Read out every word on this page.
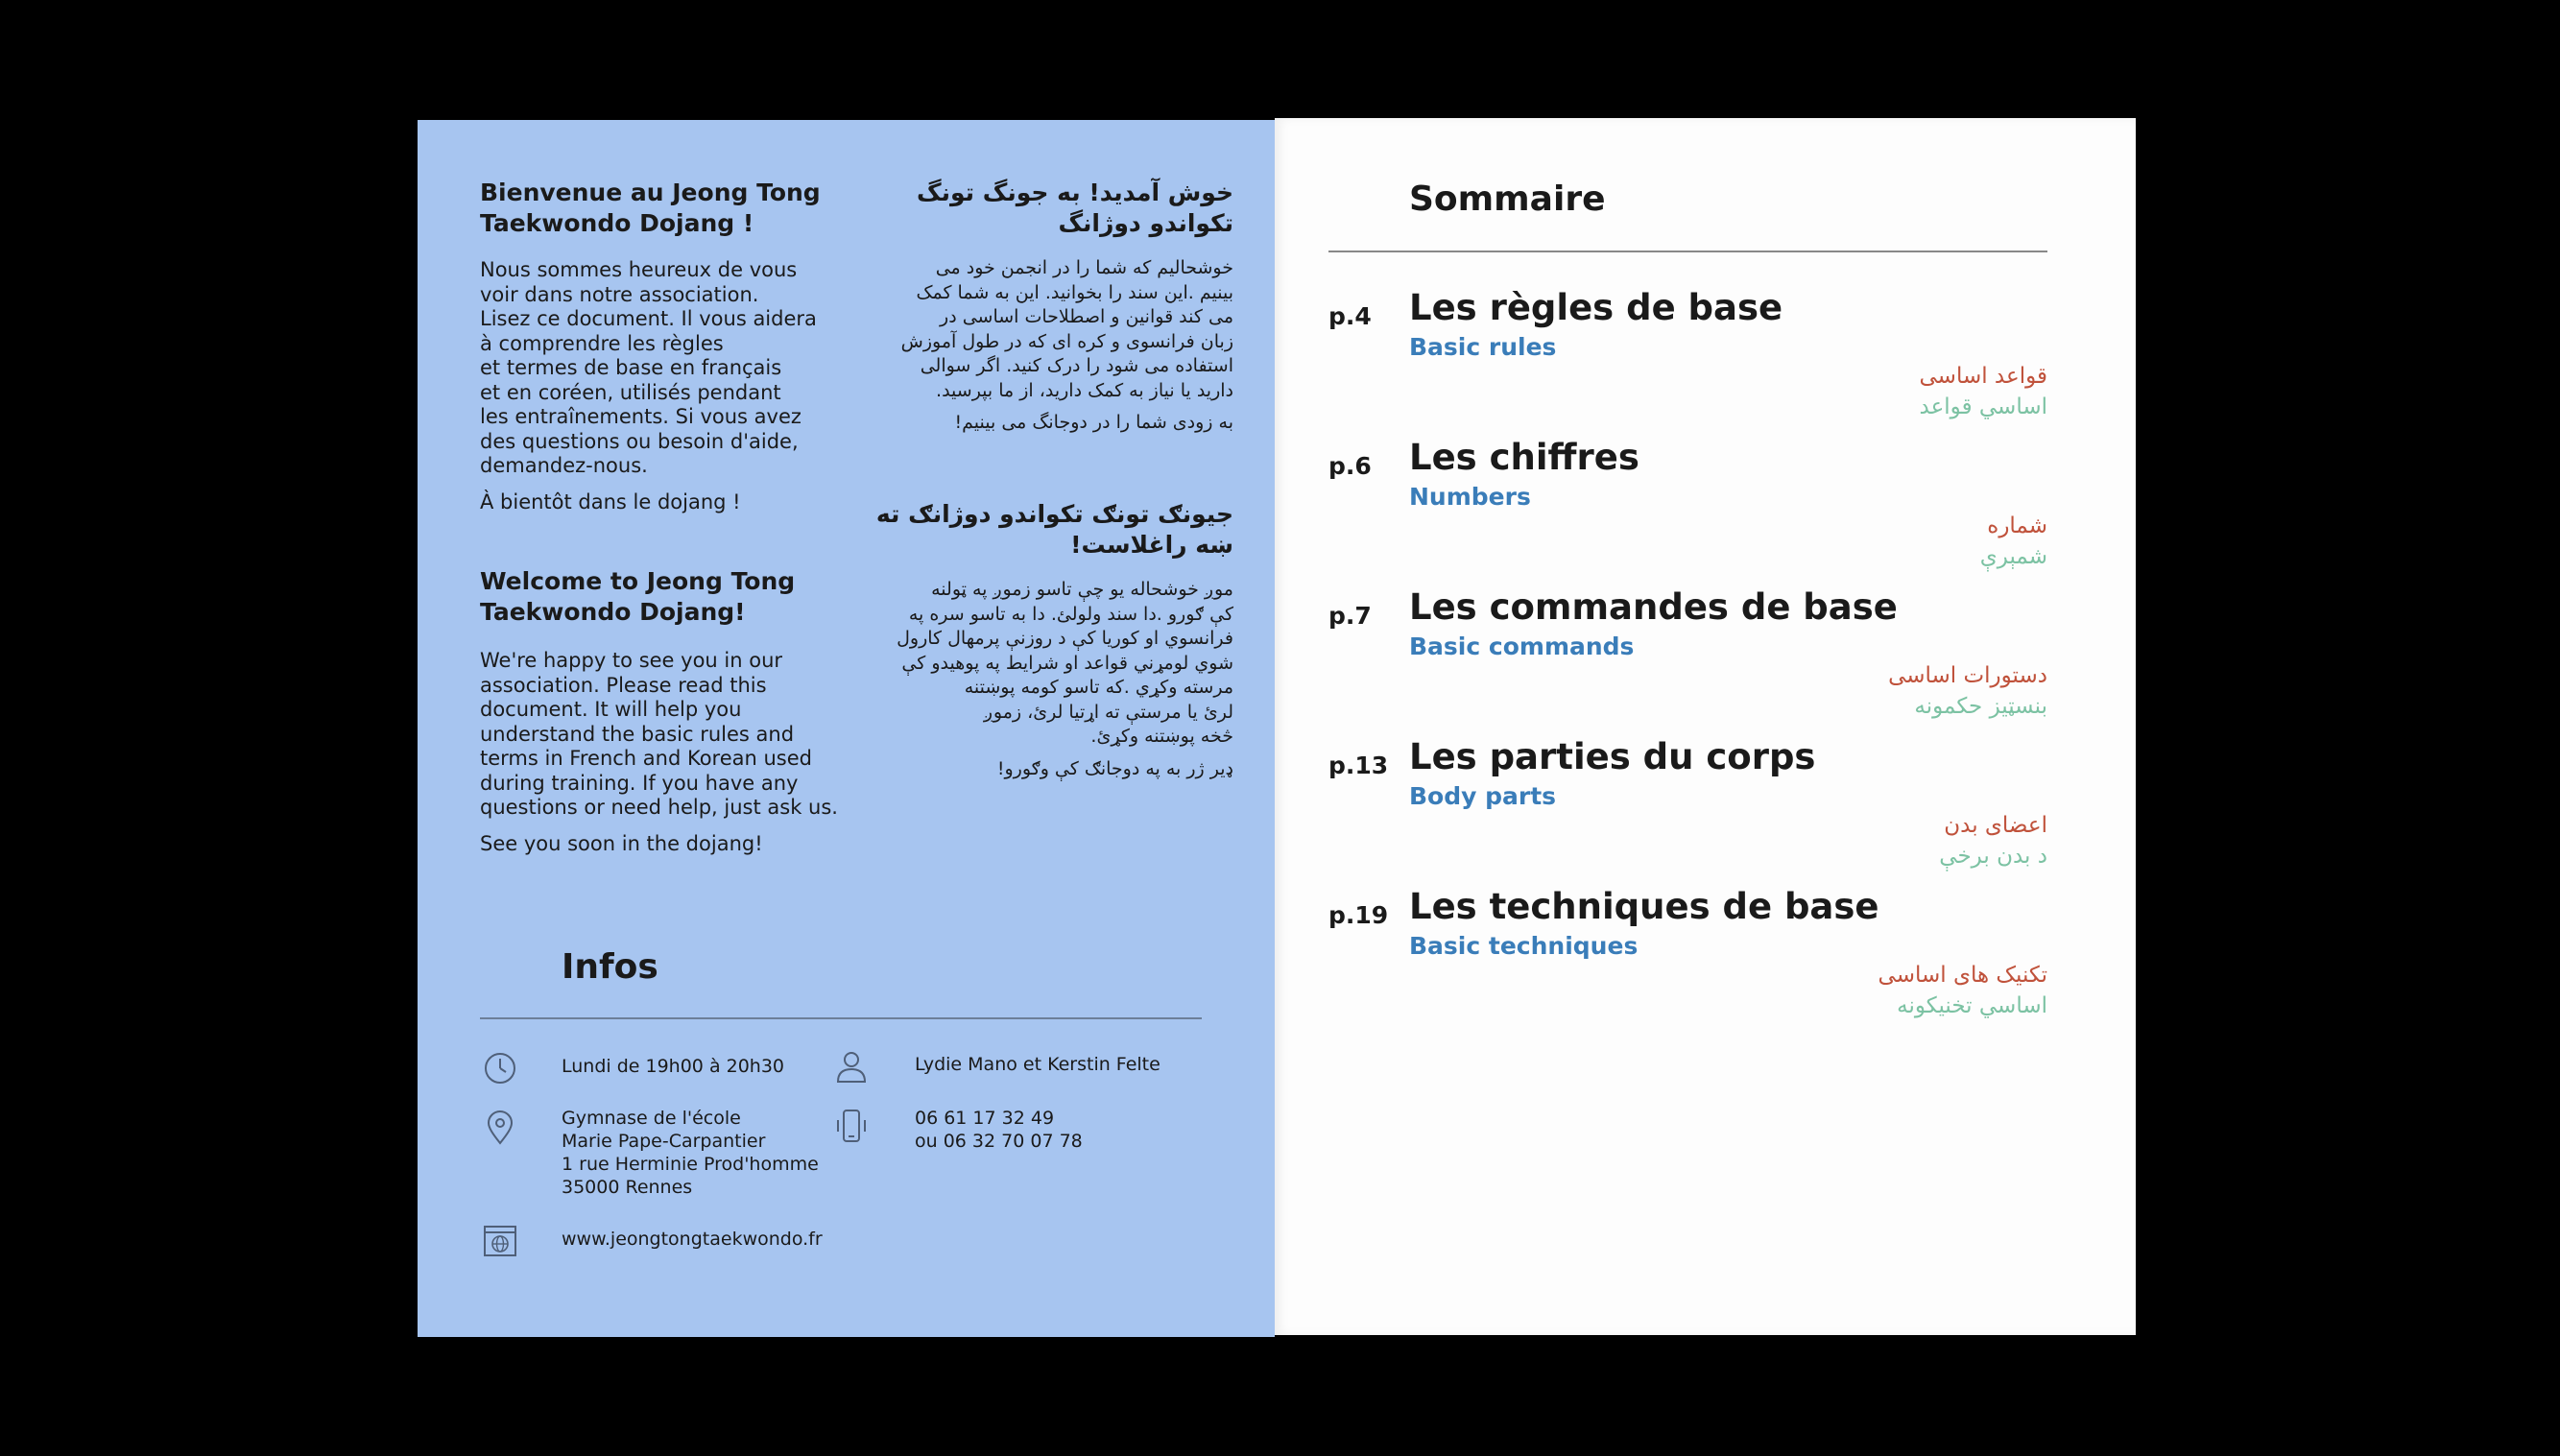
Bienvenue au Jeong Tong
Taekwondo Dojang !
Nous sommes heureux de vous
voir dans notre association.
Lisez ce document. Il vous aidera
à comprendre les règles
et termes de base en français
et en coréen, utilisés pendant
les entraînements. Si vous avez
des questions ou besoin d'aide,
demandez-nous.
À bientôt dans le dojang !
Welcome to Jeong Tong
Taekwondo Dojang!
We're happy to see you in our
association. Please read this
document. It will help you
understand the basic rules and
terms in French and Korean used
during training. If you have any
questions or need help, just ask us.
See you soon in the dojang!
خوش آمدید! به جونگ تونگ
تکواندو دوژانگ
خوشحالیم که شما را در انجمن خود می
بینیم .این سند را بخوانید. این به شما کمک
می کند قوانین و اصطلاحات اساسی در
زبان فرانسوی و کره ای که در طول آموزش
استفاده می شود را درک کنید. اگر سوالی
دارید یا نیاز به کمک دارید، از ما بپرسید.
به زودی شما را در دوجانگ می بینیم!
جیونګ تونګ تکواندو دوژانګ ته
ښه راغلاست!
موږ خوشحاله یو چې تاسو زموږ په ټولنه
کې ګورو .دا سند ولولئ. دا به تاسو سره په
فرانسوي او کوریا کې د روزنې پرمهال کارول
شوي لومړني قواعد او شرایط په پوهیدو کې
مرسته وکړي .که تاسو کومه پوښتنه
لرئ یا مرستې ته اړتیا لرئ، زموږ
څخه پوښتنه وکړئ.
ډیر ژر به په دوجانګ کې وګورو!
Infos
Lundi de 19h00 à 20h30	Lydie Mano et Kerstin Felte
Gymnase de l'école
Marie Pape-Carpantier
1 rue Herminie Prod'homme
35000 Rennes
06 61 17 32 49
ou 06 32 70 07 78
www.jeongtongtaekwondo.fr
Sommaire
p.4 Les règles de base
Basic rules
قواعد اساسی
اساسي قواعد
p.6 Les chiffres
Numbers
شماره
شمېرې
p.7 Les commandes de base
Basic commands
دستورات اساسی
بنسټیز حکمونه
p.13 Les parties du corps
Body parts
اعضای بدن
د بدن برخې
p.19 Les techniques de base
Basic techniques
تکنیک های اساسی
اساسي تخنیکونه
